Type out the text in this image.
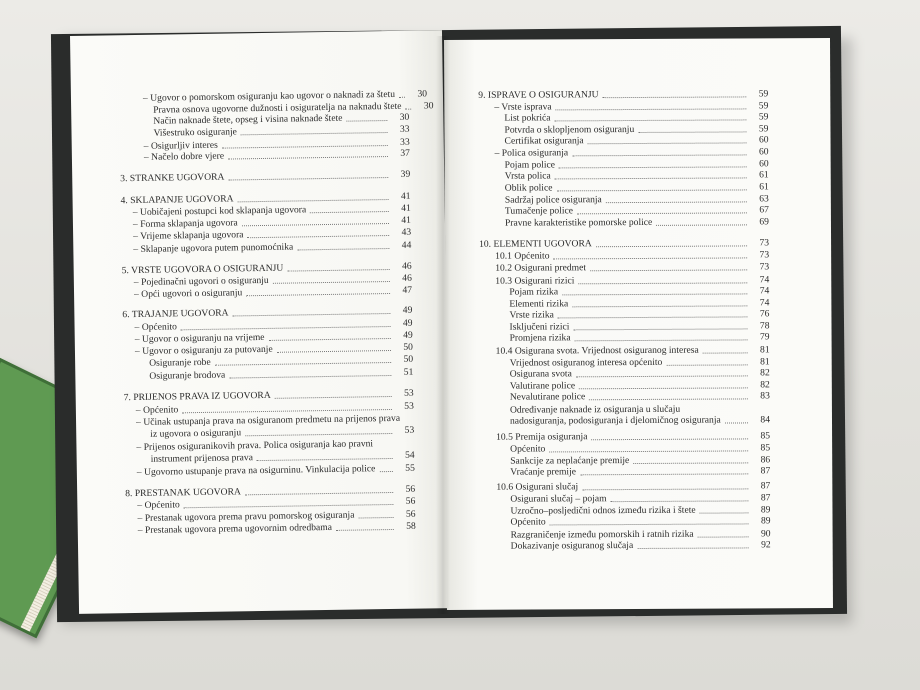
– Ugovor o pomorskom osiguranju kao ugovor o naknadi za štetu	30
Pravna osnova ugovorne dužnosti i osiguratelja na naknadu štete	30
Način naknade štete, opseg i visina naknade štete	30
Višestruko osiguranje	33
– Osigurljiv interes	33
– Načelo dobre vjere	37
3. STRANKE UGOVORA	39
4. SKLAPANJE UGOVORA	41
– Uobičajeni postupci kod sklapanja ugovora	41
– Forma sklapanja ugovora	41
– Vrijeme sklapanja ugovora	43
– Sklapanje ugovora putem punomoćnika	44
5. VRSTE UGOVORA O OSIGURANJU	46
– Pojedinačni ugovori o osiguranju	46
– Opći ugovori o osiguranju	47
6. TRAJANJE UGOVORA	49
– Općenito	49
– Ugovor o osiguranju na vrijeme	49
– Ugovor o osiguranju za putovanje	50
Osiguranje robe	50
Osiguranje brodova	51
7. PRIJENOS PRAVA IZ UGOVORA	53
– Općenito	53
– Učinak ustupanja prava na osiguranom predmetu na prijenos prava
iz ugovora o osiguranju	53
– Prijenos osiguranikovih prava. Polica osiguranja kao pravni
instrument prijenosa prava	54
– Ugovorno ustupanje prava na osigurninu. Vinkulacija police	55
8. PRESTANAK UGOVORA	56
– Općenito	56
– Prestanak ugovora prema pravu pomorskog osiguranja	56
– Prestanak ugovora prema ugovornim odredbama	58
9. ISPRAVE O OSIGURANJU	59
– Vrste isprava	59
List pokrića	59
Potvrda o sklopljenom osiguranju	59
Certifikat osiguranja	60
– Polica osiguranja	60
Pojam police	60
Vrsta polica	61
Oblik police	61
Sadržaj police osiguranja	63
Tumačenje police	67
Pravne karakteristike pomorske police	69
10. ELEMENTI UGOVORA	73
10.1 Općenito	73
10.2 Osigurani predmet	73
10.3 Osigurani rizici	74
Pojam rizika	74
Elementi rizika	74
Vrste rizika	76
Isključeni rizici	78
Promjena rizika	79
10.4 Osigurana svota. Vrijednost osiguranog interesa	81
Vrijednost osiguranog interesa općenito	81
Osigurana svota	82
Valutirane police	82
Nevalutirane police	83
Određivanje naknade iz osiguranja u slučaju
nadosiguranja, podosiguranja i djelomičnog osiguranja	84
10.5 Premija osiguranja	85
Općenito	85
Sankcije za neplaćanje premije	86
Vraćanje premije	87
10.6 Osigurani slučaj	87
Osigurani slučaj – pojam	87
Uzročno–posljedični odnos između rizika i štete	89
Općenito	89
Razgraničenje između pomorskih i ratnih rizika	90
Dokazivanje osiguranog slučaja	92
